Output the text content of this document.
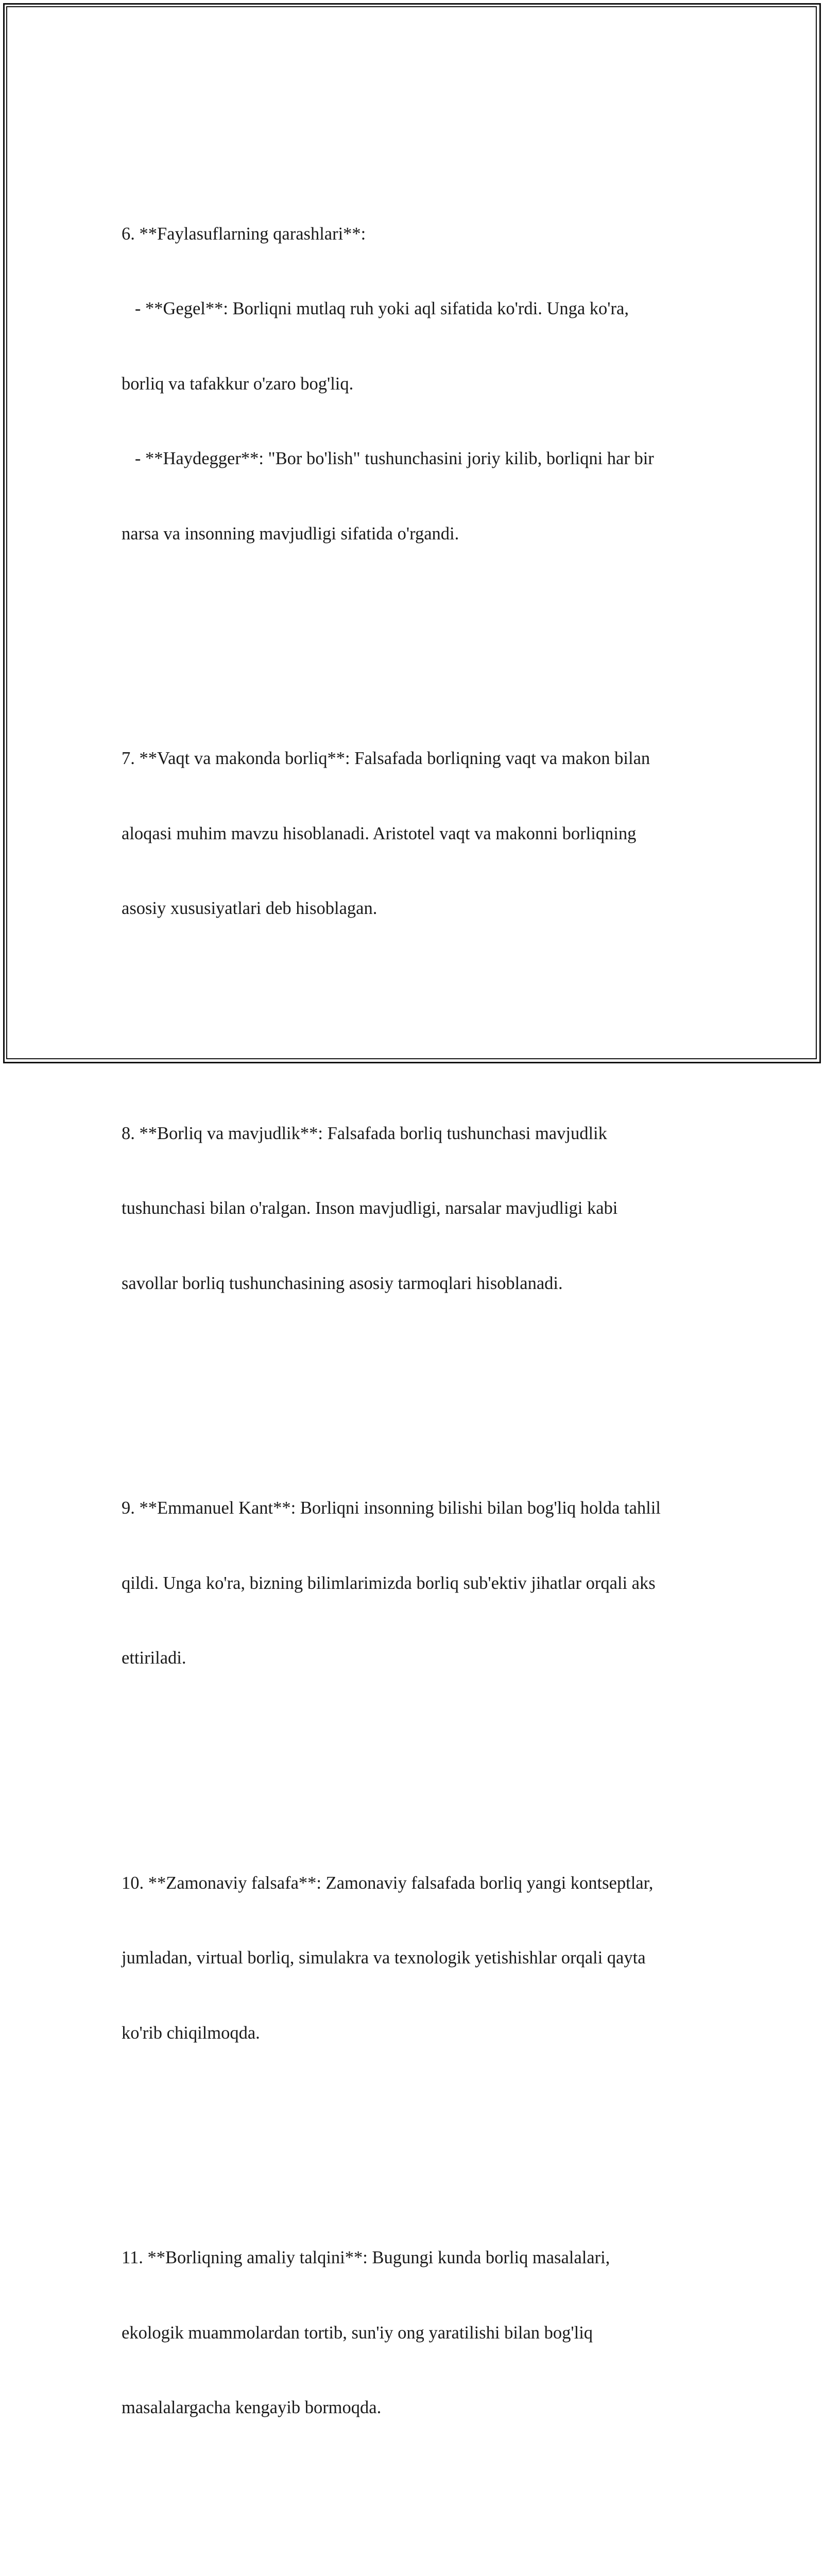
6. **Faylasuflarning qarashlari**:

- **Gegel**: Borliqni mutlaq ruh yoki aql sifatida ko'rdi. Unga ko'ra,

borliq va tafakkur o'zaro bog'liq.

- **Haydegger**: "Bor bo'lish" tushunchasini joriy kilib, borliqni har bir

narsa va insonning mavjudligi sifatida o'rgandi.

7. **Vaqt va makonda borliq**: Falsafada borliqning vaqt va makon bilan

aloqasi muhim mavzu hisoblanadi. Aristotel vaqt va makonni borliqning

asosiy xususiyatlari deb hisoblagan.

8. **Borliq va mavjudlik**: Falsafada borliq tushunchasi mavjudlik

tushunchasi bilan o'ralgan. Inson mavjudligi, narsalar mavjudligi kabi

savollar borliq tushunchasining asosiy tarmoqlari hisoblanadi.

9. **Emmanuel Kant**: Borliqni insonning bilishi bilan bog'liq holda tahlil

qildi. Unga ko'ra, bizning bilimlarimizda borliq sub'ektiv jihatlar orqali aks

ettiriladi.

10. **Zamonaviy falsafa**: Zamonaviy falsafada borliq yangi kontseptlar,

jumladan, virtual borliq, simulakra va texnologik yetishishlar orqali qayta

ko'rib chiqilmoqda.

11. **Borliqning amaliy talqini**: Bugungi kunda borliq masalalari,

ekologik muammolardan tortib, sun'iy ong yaratilishi bilan bog'liq

masalalargacha kengayib bormoqda.
